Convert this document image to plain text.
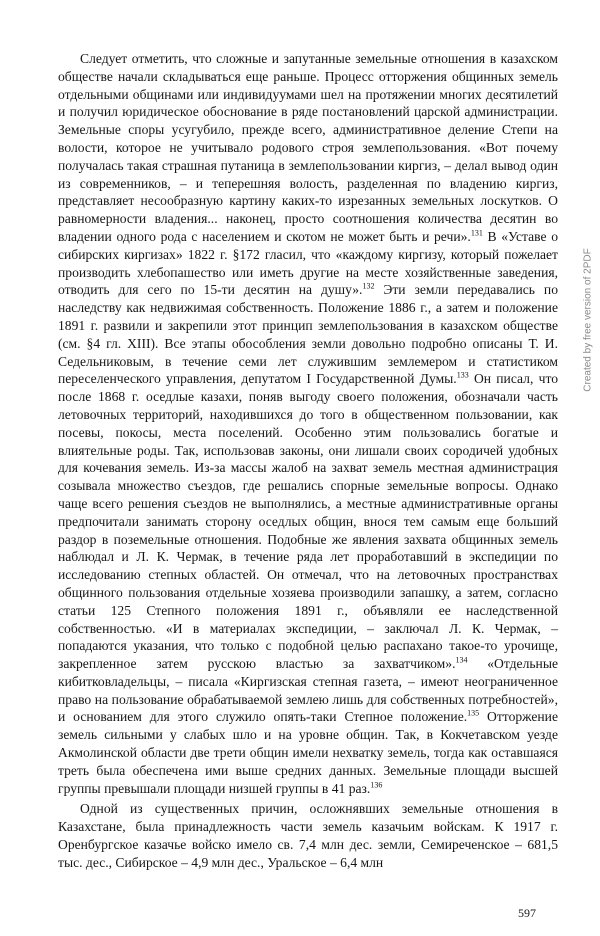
Следует отметить, что сложные и запутанные земельные отношения в казахском обществе начали складываться еще раньше. Процесс отторжения общинных земель отдельными общинами или индивидуумами шел на протяжении многих десятилетий и получил юридическое обоснование в ряде постановлений царской администрации. Земельные споры усугубило, прежде всего, административное деление Степи на волости, которое не учитывало родового строя землепользования. «Вот почему получалась такая страшная путаница в землепользовании киргиз, – делал вывод один из современников, – и теперешняя волость, разделенная по владению киргиз, представляет несообразную картину каких-то изрезанных земельных лоскутков. О равномерности владения... наконец, просто соотношения количества десятин во владении одного рода с населением и скотом не может быть и речи».$^{131}$ В «Уставе о сибирских киргизах» 1822 г. §172 гласил, что «каждому киргизу, который пожелает производить хлебопашество или иметь другие на месте хозяйственные заведения, отводить для сего по 15-ти десятин на душу».$^{132}$ Эти земли передавались по наследству как недвижимая собственность. Положение 1886 г., а затем и положение 1891 г. развили и закрепили этот принцип землепользования в казахском обществе (см. §4 гл. XIII). Все этапы обособления земли довольно подробно описаны Т. И. Седельниковым, в течение семи лет служившим землемером и статистиком переселенческого управления, депутатом I Государственной Думы.$^{133}$ Он писал, что после 1868 г. оседлые казахи, поняв выгоду своего положения, обозначали часть летовочных территорий, находившихся до того в общественном пользовании, как посевы, покосы, места поселений. Особенно этим пользовались богатые и влиятельные роды. Так, использовав законы, они лишали своих сородичей удобных для кочевания земель. Из-за массы жалоб на захват земель местная администрация созывала множество съездов, где решались спорные земельные вопросы. Однако чаще всего решения съездов не выполнялись, а местные административные органы предпочитали занимать сторону оседлых общин, внося тем самым еще больший раздор в поземельные отношения. Подобные же явления захвата общинных земель наблюдал и Л. К. Чермак, в течение ряда лет проработавший в экспедиции по исследованию степных областей. Он отмечал, что на летовочных пространствах общинного пользования отдельные хозяева производили запашку, а затем, согласно статьи 125 Степного положения 1891 г., объявляли ее наследственной собственностью. «И в материалах экспедиции, – заключал Л. К. Чермак, – попадаются указания, что только с подобной целью распахано такое-то урочище, закрепленное затем русскою властью за захватчиком».$^{134}$ «Отдельные кибитковладельцы, – писала «Киргизская степная газета, – имеют неограниченное право на пользование обрабатываемой землею лишь для собственных потребностей», и основанием для этого служило опять-таки Степное положение.$^{135}$ Отторжение земель сильными у слабых шло и на уровне общин. Так, в Кокчетавском уезде Акмолинской области две трети общин имели нехватку земель, тогда как оставшаяся треть была обеспечена ими выше средних данных. Земельные площади высшей группы превышали площади низшей группы в 41 раз.$^{136}$

Одной из существенных причин, осложнявших земельные отношения в Казахстане, была принадлежность части земель казачьим войскам. К 1917 г. Оренбургское казачье войско имело св. 7,4 млн дес. земли, Семиреченское – 681,5 тыс. дес., Сибирское – 4,9 млн дес., Уральское – 6,4 млн

597
Created by free version of 2PDF
